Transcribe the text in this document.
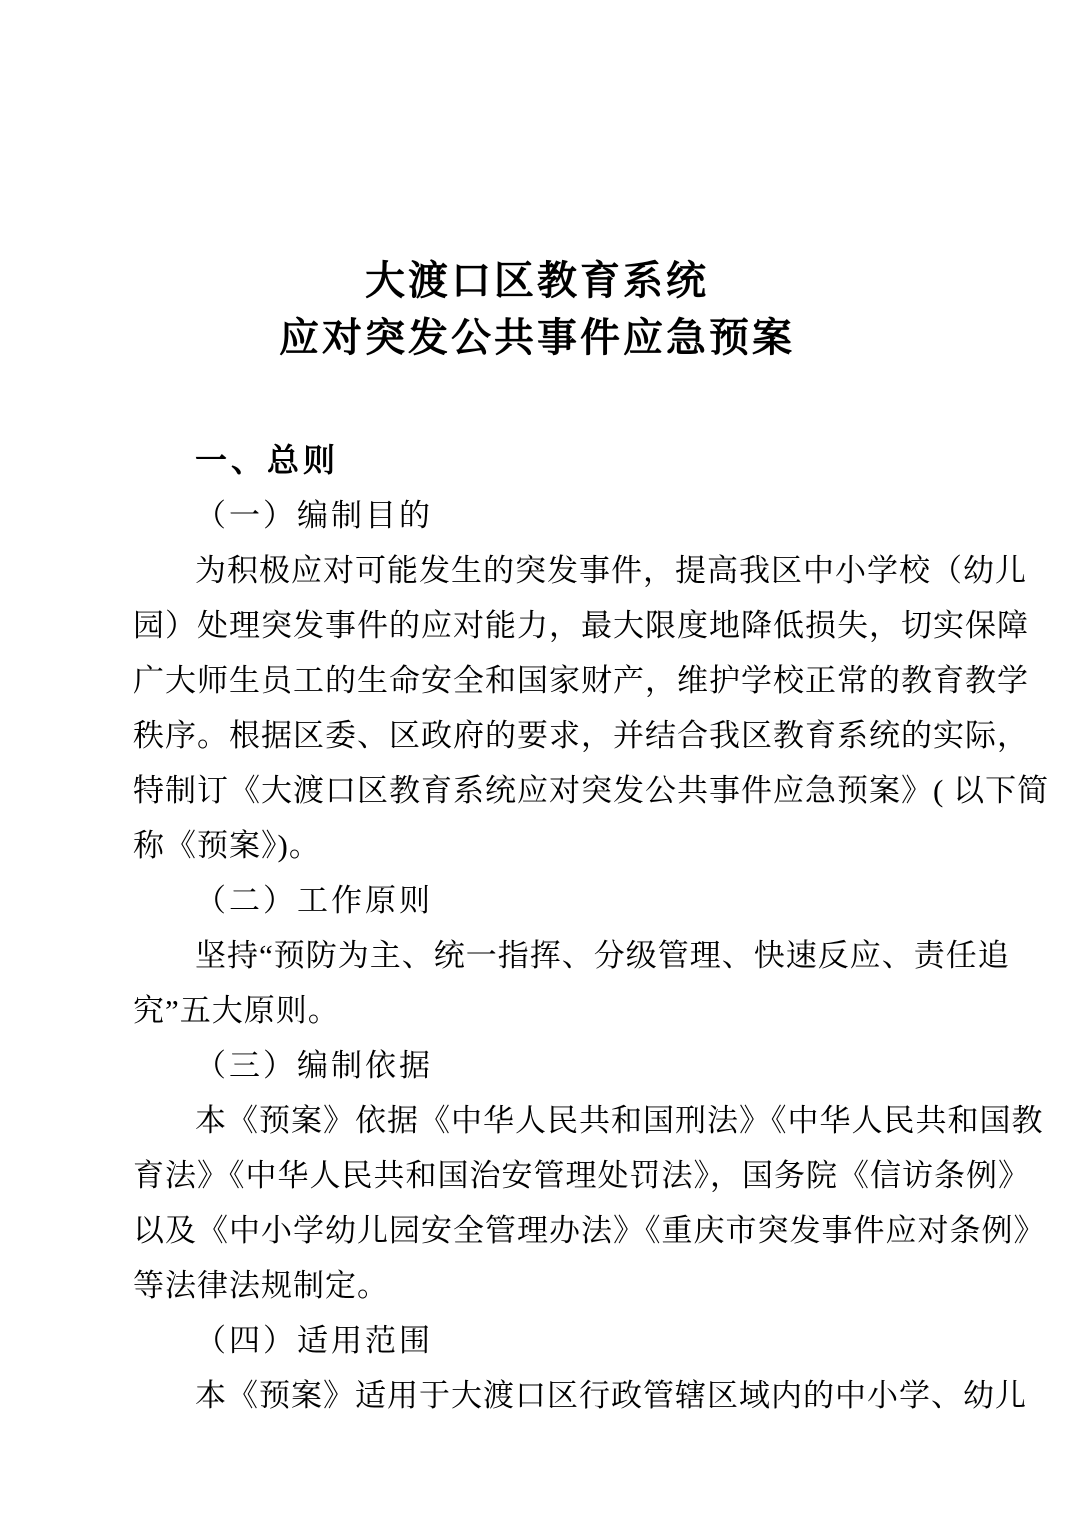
大渡口区教育系统
应对突发公共事件应急预案
一、总则
（一）编制目的
为积极应对可能发生的突发事件，提高我区中小学校（幼儿
园）处理突发事件的应对能力，最大限度地降低损失，切实保障
广大师生员工的生命安全和国家财产，维护学校正常的教育教学
秩序。根据区委、区政府的要求，并结合我区教育系统的实际，
特制订《大渡口区教育系统应对突发公共事件应急预案》( 以下简
称《预案》)。
（二）工作原则
坚持“预防为主、统一指挥、分级管理、快速反应、责任追
究”五大原则。
（三）编制依据
本《预案》依据《中华人民共和国刑法》《中华人民共和国教
育法》《中华人民共和国治安管理处罚法》，国务院《信访条例》
以及《中小学幼儿园安全管理办法》《重庆市突发事件应对条例》
等法律法规制定。
（四）适用范围
本《预案》适用于大渡口区行政管辖区域内的中小学、幼儿
